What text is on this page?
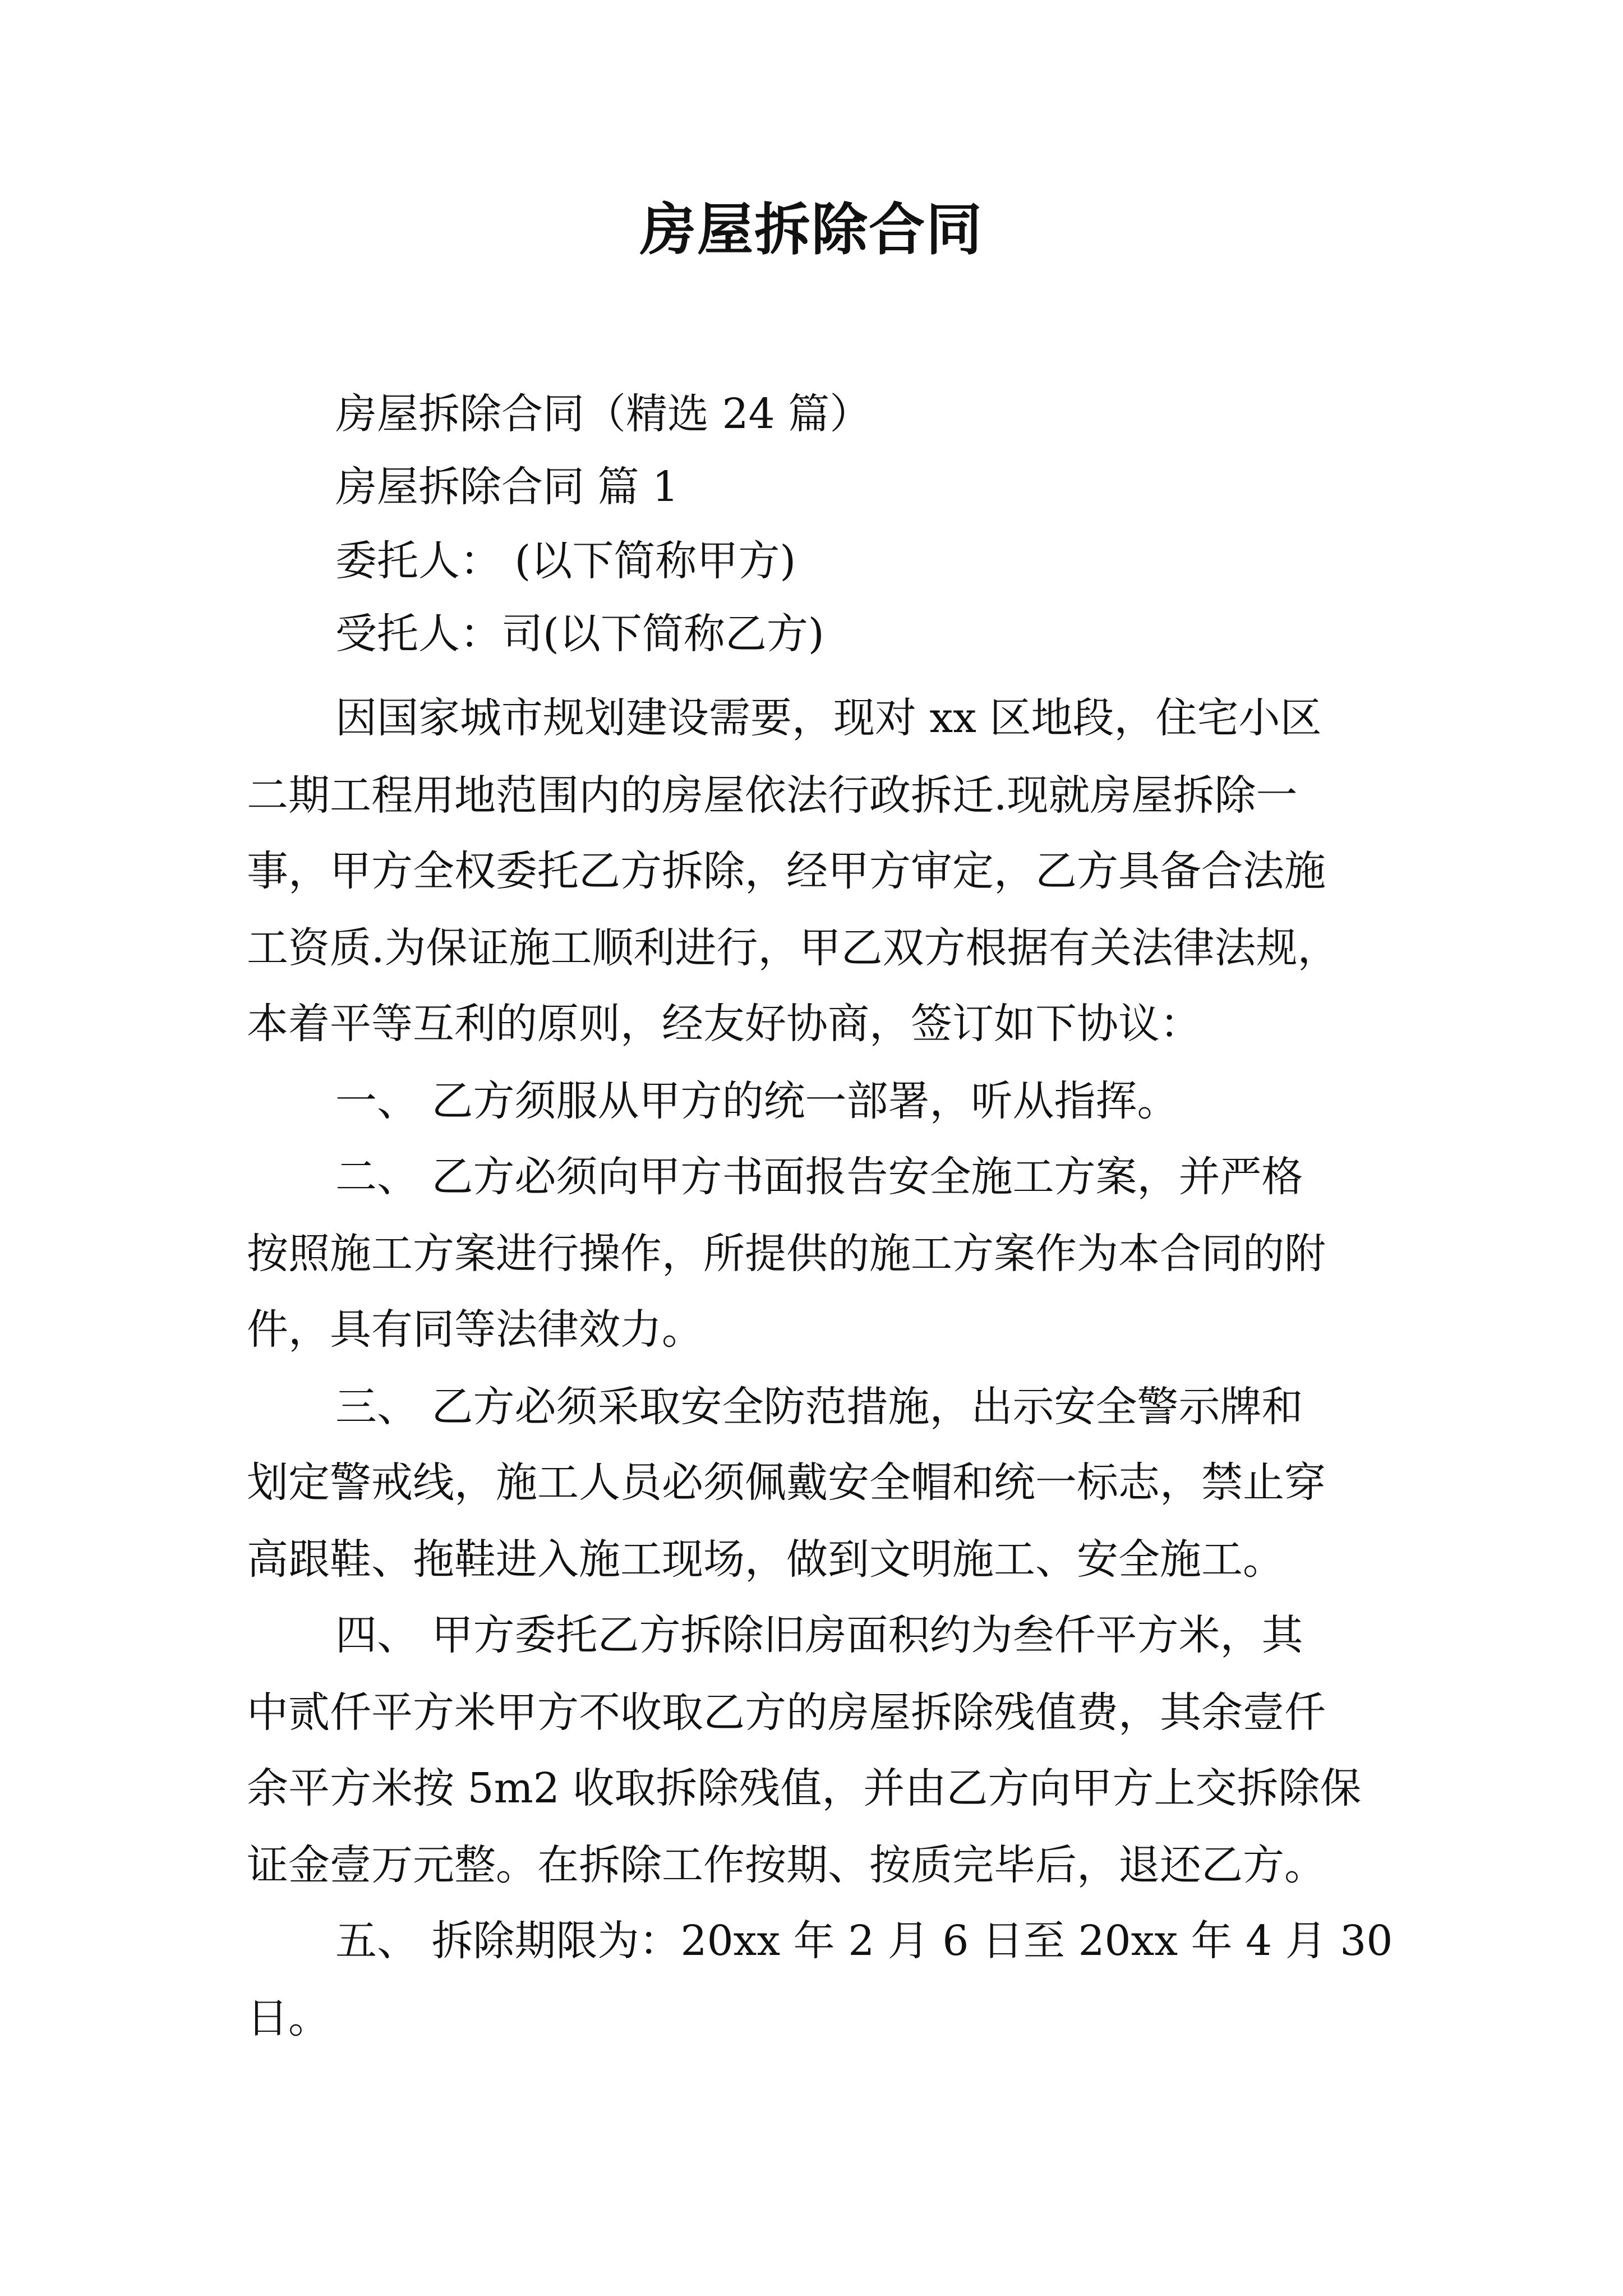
房屋拆除合同
房屋拆除合同（精选 24 篇）
房屋拆除合同 篇 1
委托人： (以下简称甲方)
受托人：司(以下简称乙方)
因国家城市规划建设需要，现对 xx 区地段，住宅小区
二期工程用地范围内的房屋依法行政拆迁.现就房屋拆除一
事，甲方全权委托乙方拆除，经甲方审定，乙方具备合法施
工资质.为保证施工顺利进行，甲乙双方根据有关法律法规，
本着平等互利的原则，经友好协商，签订如下协议：
一、 乙方须服从甲方的统一部署，听从指挥。
二、 乙方必须向甲方书面报告安全施工方案，并严格
按照施工方案进行操作，所提供的施工方案作为本合同的附
件，具有同等法律效力。
三、 乙方必须采取安全防范措施，出示安全警示牌和
划定警戒线，施工人员必须佩戴安全帽和统一标志，禁止穿
高跟鞋、拖鞋进入施工现场，做到文明施工、安全施工。
四、 甲方委托乙方拆除旧房面积约为叁仟平方米，其
中贰仟平方米甲方不收取乙方的房屋拆除残值费，其余壹仟
余平方米按 5m2 收取拆除残值，并由乙方向甲方上交拆除保
证金壹万元整。在拆除工作按期、按质完毕后，退还乙方。
五、 拆除期限为：20xx 年 2 月 6 日至 20xx 年 4 月 30
日。
